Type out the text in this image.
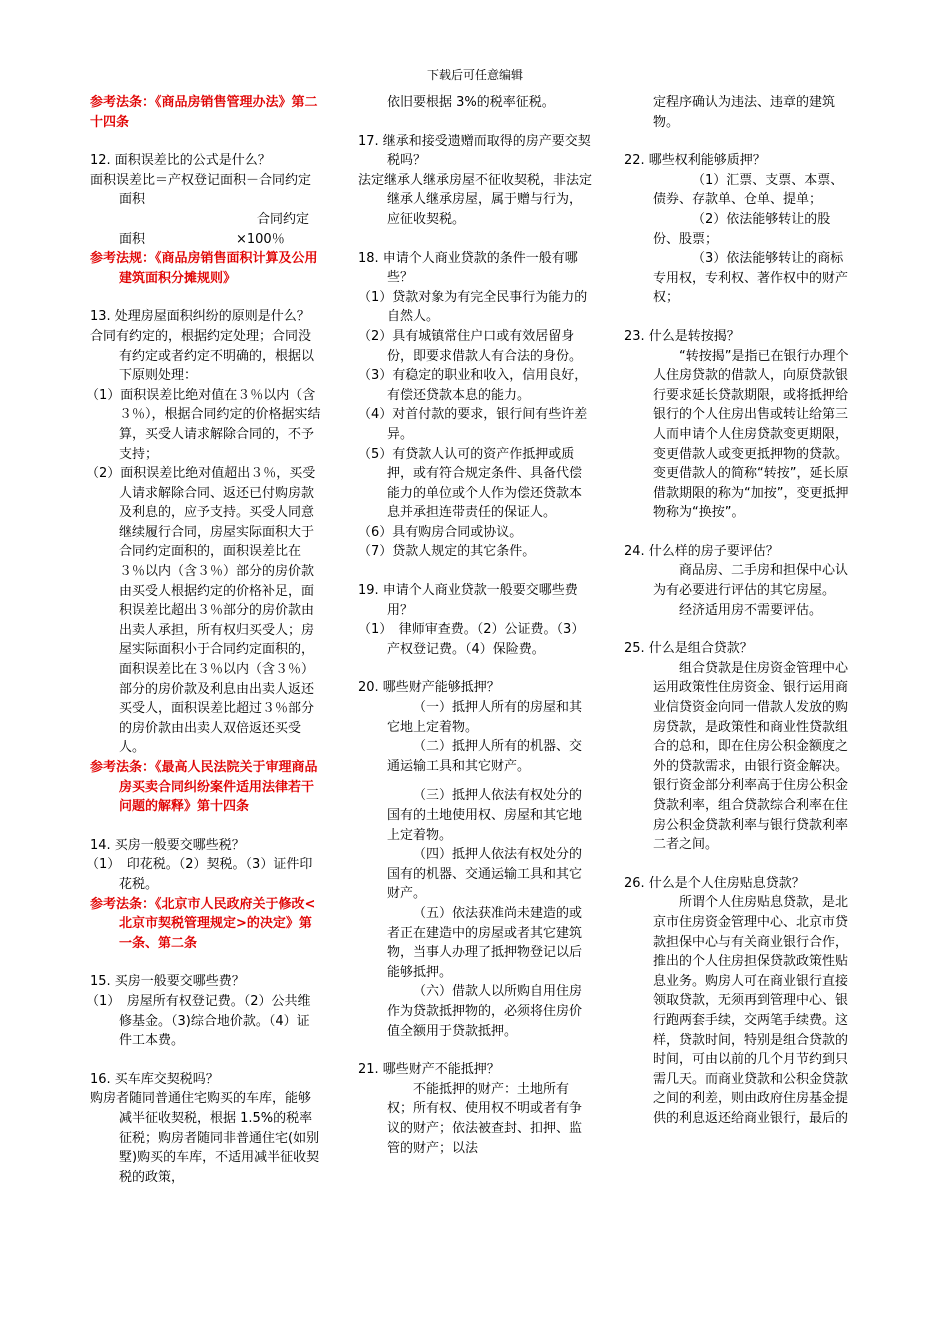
下载后可任意编辑

参考法条：《商品房销售管理办法》第二十四条

12. 面积误差比的公式是什么？

面积误差比＝产权登记面积－合同约定面积

合同约定

面积　　　　　　　×100％

参考法规：《商品房销售面积计算及公用建筑面积分摊规则》

13. 处理房屋面积纠纷的原则是什么？

合同有约定的，根据约定处理；合同没有约定或者约定不明确的，根据以下原则处理：

（1）面积误差比绝对值在３％以内（含３％），根据合同约定的价格据实结算，买受人请求解除合同的，不予支持；

（2）面积误差比绝对值超出３％，买受人请求解除合同、返还已付购房款及利息的，应予支持。买受人同意继续履行合同，房屋实际面积大于合同约定面积的，面积误差比在３％以内（含３％）部分的房价款由买受人根据约定的价格补足，面积误差比超出３％部分的房价款由出卖人承担，所有权归买受人；房屋实际面积小于合同约定面积的，面积误差比在３％以内（含３％）部分的房价款及利息由出卖人返还买受人，面积误差比超过３％部分的房价款由出卖人双倍返还买受人。

参考法条：《最高人民法院关于审理商品房买卖合同纠纷案件适用法律若干问题的解释》第十四条

14. 买房一般要交哪些税？

（1）　印花税。（2）契税。（3）证件印花税。

参考法条：《北京市人民政府关于修改<北京市契税管理规定>的决定》第一条、第二条

15. 买房一般要交哪些费？

（1）　房屋所有权登记费。（2）公共维修基金。（3)综合地价款。（4）证件工本费。

16. 买车库交契税吗？

购房者随同普通住宅购买的车库，能够减半征收契税，根据 1.5%的税率征税；购房者随同非普通住宅(如别墅)购买的车库，不适用减半征收契税的政策，

依旧要根据 3%的税率征税。

17. 继承和接受遗赠而取得的房产要交契税吗？

法定继承人继承房屋不征收契税，非法定继承人继承房屋，属于赠与行为，应征收契税。

18. 申请个人商业贷款的条件一般有哪些？

（1）贷款对象为有完全民事行为能力的自然人。

（2）具有城镇常住户口或有效居留身份，即要求借款人有合法的身份。

（3）有稳定的职业和收入，信用良好，有偿还贷款本息的能力。

（4）对首付款的要求，银行间有些许差异。

（5）有贷款人认可的资产作抵押或质押，或有符合规定条件、具备代偿能力的单位或个人作为偿还贷款本息并承担连带责任的保证人。

（6）具有购房合同或协议。

（7）贷款人规定的其它条件。

19. 申请个人商业贷款一般要交哪些费用？

（1）　律师审查费。（2）公证费。（3）产权登记费。（4）保险费。

20. 哪些财产能够抵押？

（一）抵押人所有的房屋和其它地上定着物。

（二）抵押人所有的机器、交通运输工具和其它财产。

（三）抵押人依法有权处分的国有的土地使用权、房屋和其它地上定着物。

（四）抵押人依法有权处分的国有的机器、交通运输工具和其它财产。

（五）依法获准尚未建造的或者正在建造中的房屋或者其它建筑物，当事人办理了抵押物登记以后能够抵押。

（六）借款人以所购自用住房作为贷款抵押物的，必须将住房价值全额用于贷款抵押。

21. 哪些财产不能抵押？

不能抵押的财产：土地所有权；所有权、使用权不明或者有争议的财产；依法被查封、扣押、监管的财产；以法

定程序确认为违法、违章的建筑物。

22. 哪些权利能够质押？

（1）汇票、支票、本票、债券、存款单、仓单、提单；

（2）依法能够转让的股份、股票；

（3）依法能够转让的商标专用权，专利权、著作权中的财产权；

23. 什么是转按揭？

“转按揭”是指已在银行办理个人住房贷款的借款人，向原贷款银行要求延长贷款期限，或将抵押给银行的个人住房出售或转让给第三人而申请个人住房贷款变更期限，变更借款人或变更抵押物的贷款。变更借款人的简称“转按”，延长原借款期限的称为“加按”，变更抵押物称为“换按”。

24. 什么样的房子要评估？

商品房、二手房和担保中心认为有必要进行评估的其它房屋。

经济适用房不需要评估。

25. 什么是组合贷款？

组合贷款是住房资金管理中心运用政策性住房资金、银行运用商业信贷资金向同一借款人发放的购房贷款，是政策性和商业性贷款组合的总和，即在住房公积金额度之外的贷款需求，由银行资金解决。银行资金部分利率高于住房公积金贷款利率，组合贷款综合利率在住房公积金贷款利率与银行贷款利率二者之间。

26. 什么是个人住房贴息贷款？

所谓个人住房贴息贷款，是北京市住房资金管理中心、北京市贷款担保中心与有关商业银行合作，推出的个人住房担保贷款政策性贴息业务。购房人可在商业银行直接领取贷款，无须再到管理中心、银行跑两套手续，交两笔手续费。这样，贷款时间，特别是组合贷款的时间，可由以前的几个月节约到只需几天。而商业贷款和公积金贷款之间的利差，则由政府住房基金提供的利息返还给商业银行，最后的
